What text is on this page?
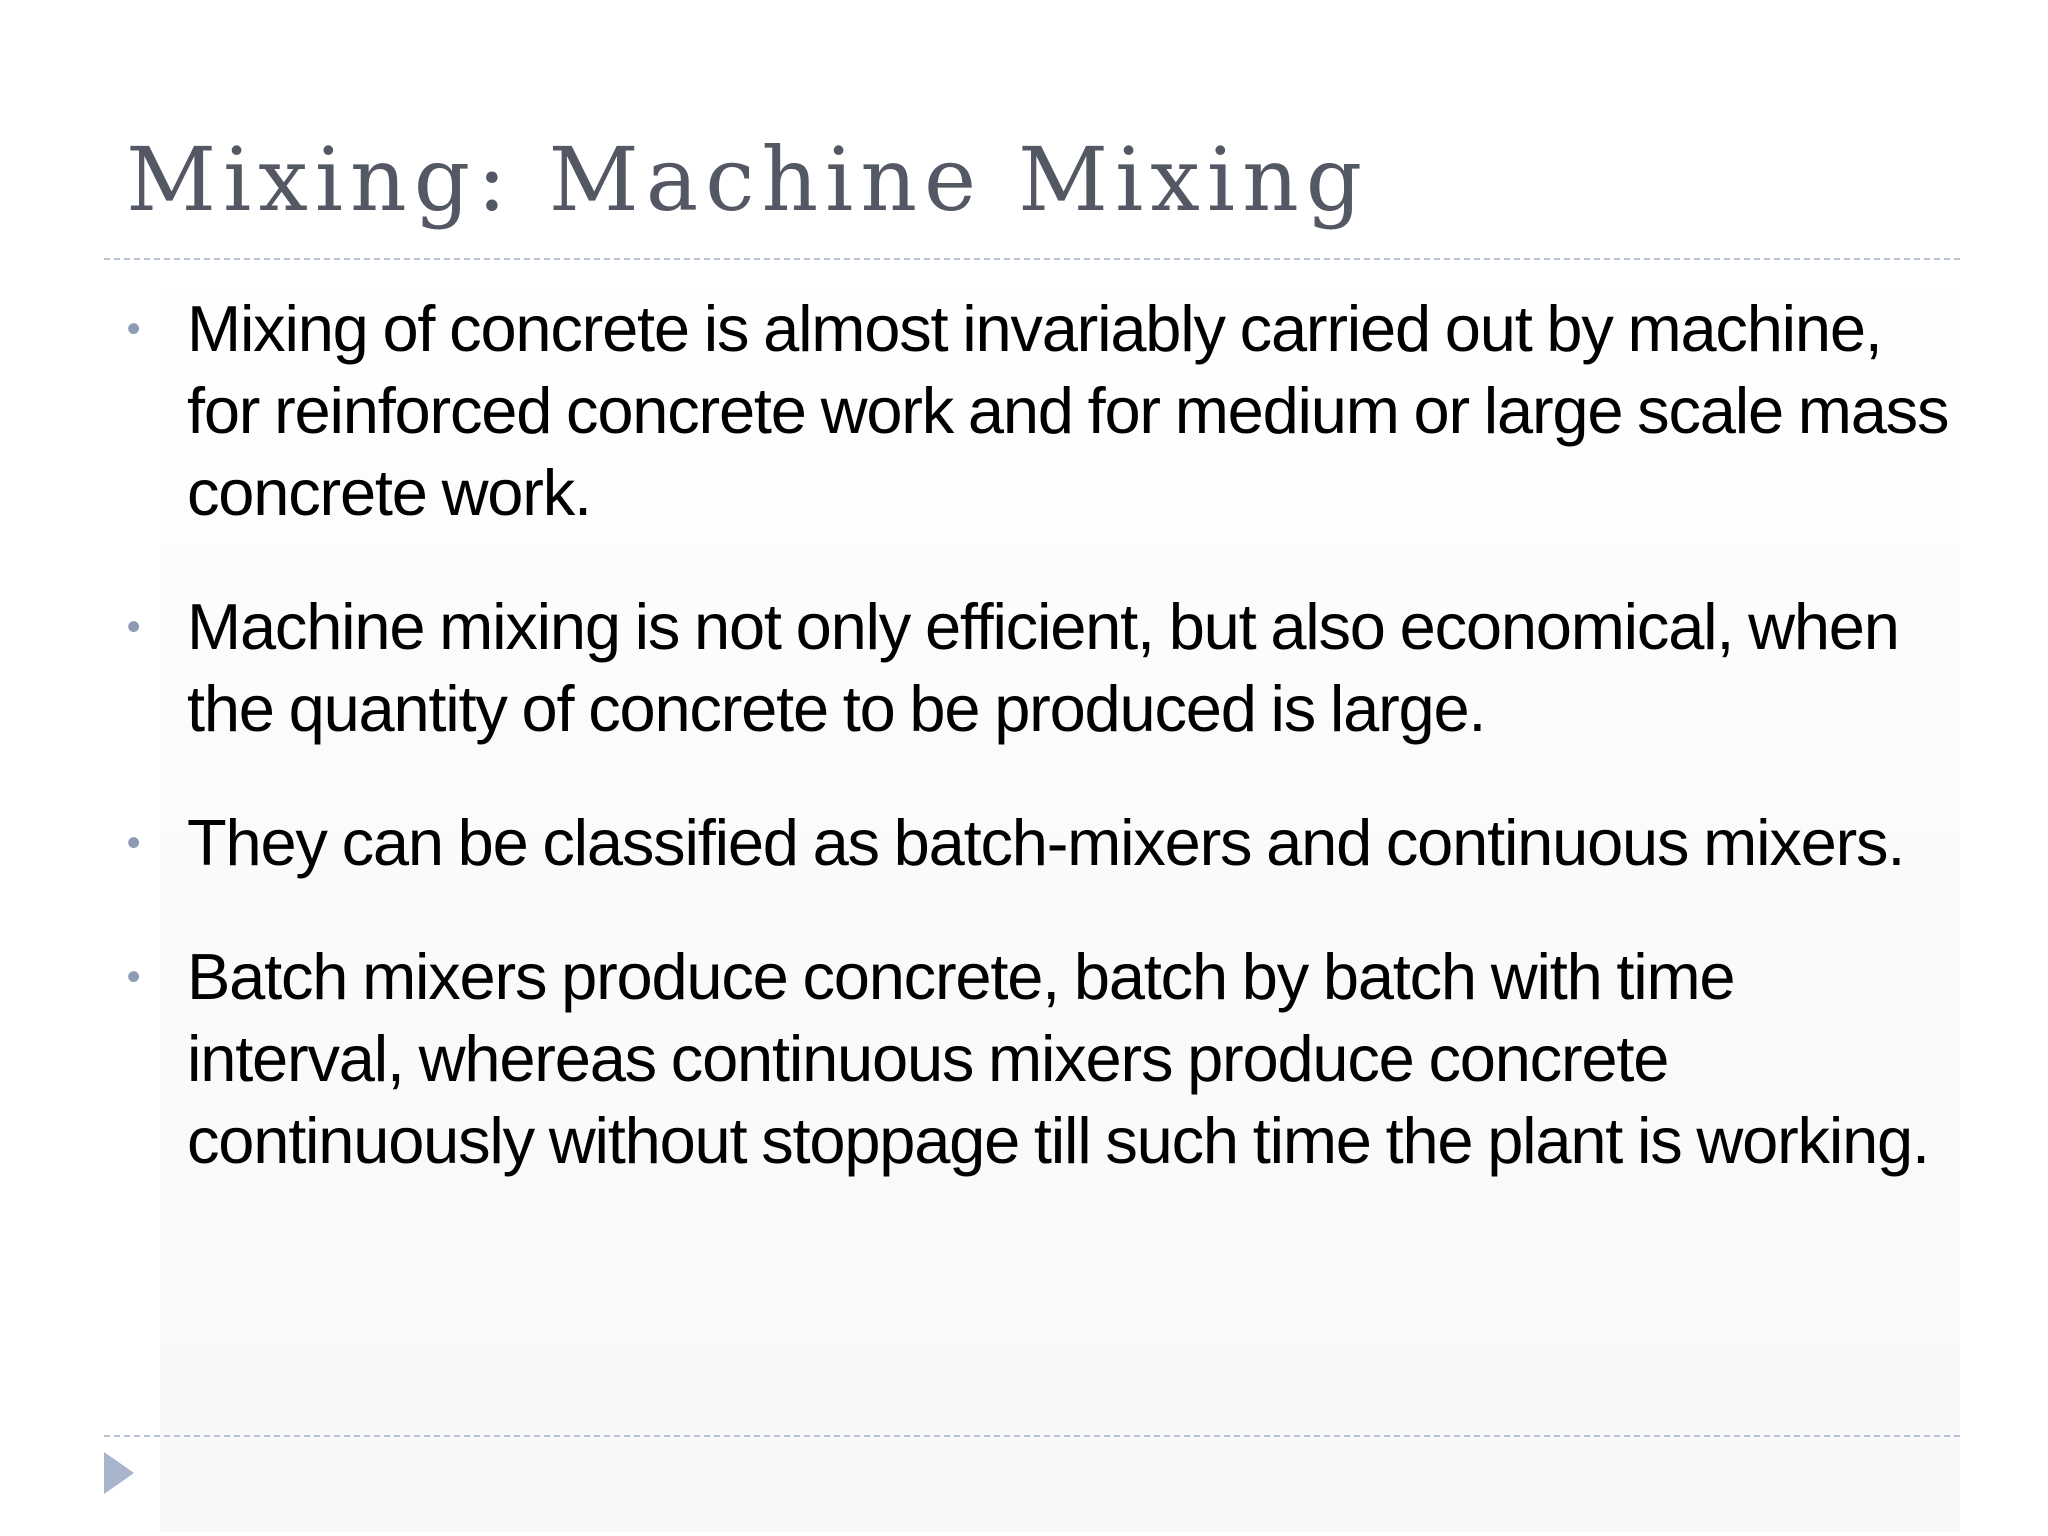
Mixing: Machine Mixing
• Mixing of concrete is almost invariably carried out by machine, for reinforced concrete work and for medium or large scale mass concrete work.
• Machine mixing is not only efficient, but also economical, when the quantity of concrete to be produced is large.
• They can be classified as batch-mixers and continuous mixers.
• Batch mixers produce concrete, batch by batch with time interval, whereas continuous mixers produce concrete continuously without stoppage till such time the plant is working.
